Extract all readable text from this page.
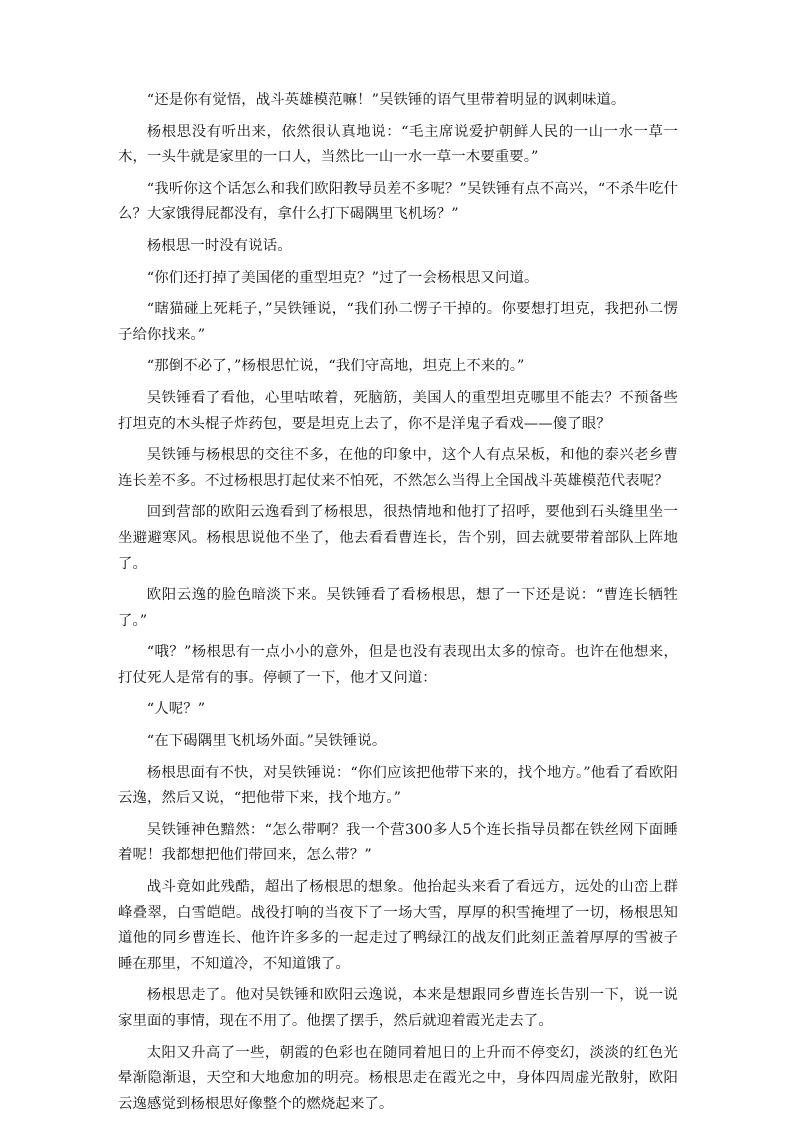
“还是你有觉悟，战斗英雄模范嘛！”吴铁锤的语气里带着明显的讽刺味道。

杨根思没有听出来，依然很认真地说：“毛主席说爱护朝鲜人民的一山一水一草一木，一头牛就是家里的一口人，当然比一山一水一草一木要重要。”

“我听你这个话怎么和我们欧阳教导员差不多呢？”吴铁锤有点不高兴，“不杀牛吃什么？大家饿得屁都没有，拿什么打下碣隅里飞机场？”

杨根思一时没有说话。

“你们还打掉了美国佬的重型坦克？”过了一会杨根思又问道。

“瞎猫碰上死耗子，”吴铁锤说，“我们孙二愣子干掉的。你要想打坦克，我把孙二愣子给你找来。”

“那倒不必了，”杨根思忙说，“我们守高地，坦克上不来的。”

吴铁锤看了看他，心里咕哝着，死脑筋，美国人的重型坦克哪里不能去？不预备些打坦克的木头棍子炸药包，要是坦克上去了，你不是洋鬼子看戏——傻了眼？

吴铁锤与杨根思的交往不多，在他的印象中，这个人有点呆板，和他的泰兴老乡曹连长差不多。不过杨根思打起仗来不怕死，不然怎么当得上全国战斗英雄模范代表呢？

回到营部的欧阳云逸看到了杨根思，很热情地和他打了招呼，要他到石头缝里坐一坐避避寒风。杨根思说他不坐了，他去看看曹连长，告个别，回去就要带着部队上阵地了。

欧阳云逸的脸色暗淡下来。吴铁锤看了看杨根思，想了一下还是说：“曹连长牺牲了。”

“哦？”杨根思有一点小小的意外，但是也没有表现出太多的惊奇。也许在他想来，打仗死人是常有的事。停顿了一下，他才又问道：

“人呢？”

“在下碣隅里飞机场外面。”吴铁锤说。

杨根思面有不快，对吴铁锤说：“你们应该把他带下来的，找个地方。”他看了看欧阳云逸，然后又说，“把他带下来，找个地方。”

吴铁锤神色黯然：“怎么带啊？我一个营300多人5个连长指导员都在铁丝网下面睡着呢！我都想把他们带回来，怎么带？”

战斗竟如此残酷，超出了杨根思的想象。他抬起头来看了看远方，远处的山峦上群峰叠翠，白雪皑皑。战役打响的当夜下了一场大雪，厚厚的积雪掩埋了一切，杨根思知道他的同乡曹连长、他许许多多的一起走过了鸭绿江的战友们此刻正盖着厚厚的雪被子睡在那里，不知道冷，不知道饿了。

杨根思走了。他对吴铁锤和欧阳云逸说，本来是想跟同乡曹连长告别一下，说一说家里面的事情，现在不用了。他摆了摆手，然后就迎着霞光走去了。

太阳又升高了一些，朝霞的色彩也在随同着旭日的上升而不停变幻，淡淡的红色光晕渐隐渐退，天空和大地愈加的明亮。杨根思走在霞光之中，身体四周虚光散射，欧阳云逸感觉到杨根思好像整个的燃烧起来了。
